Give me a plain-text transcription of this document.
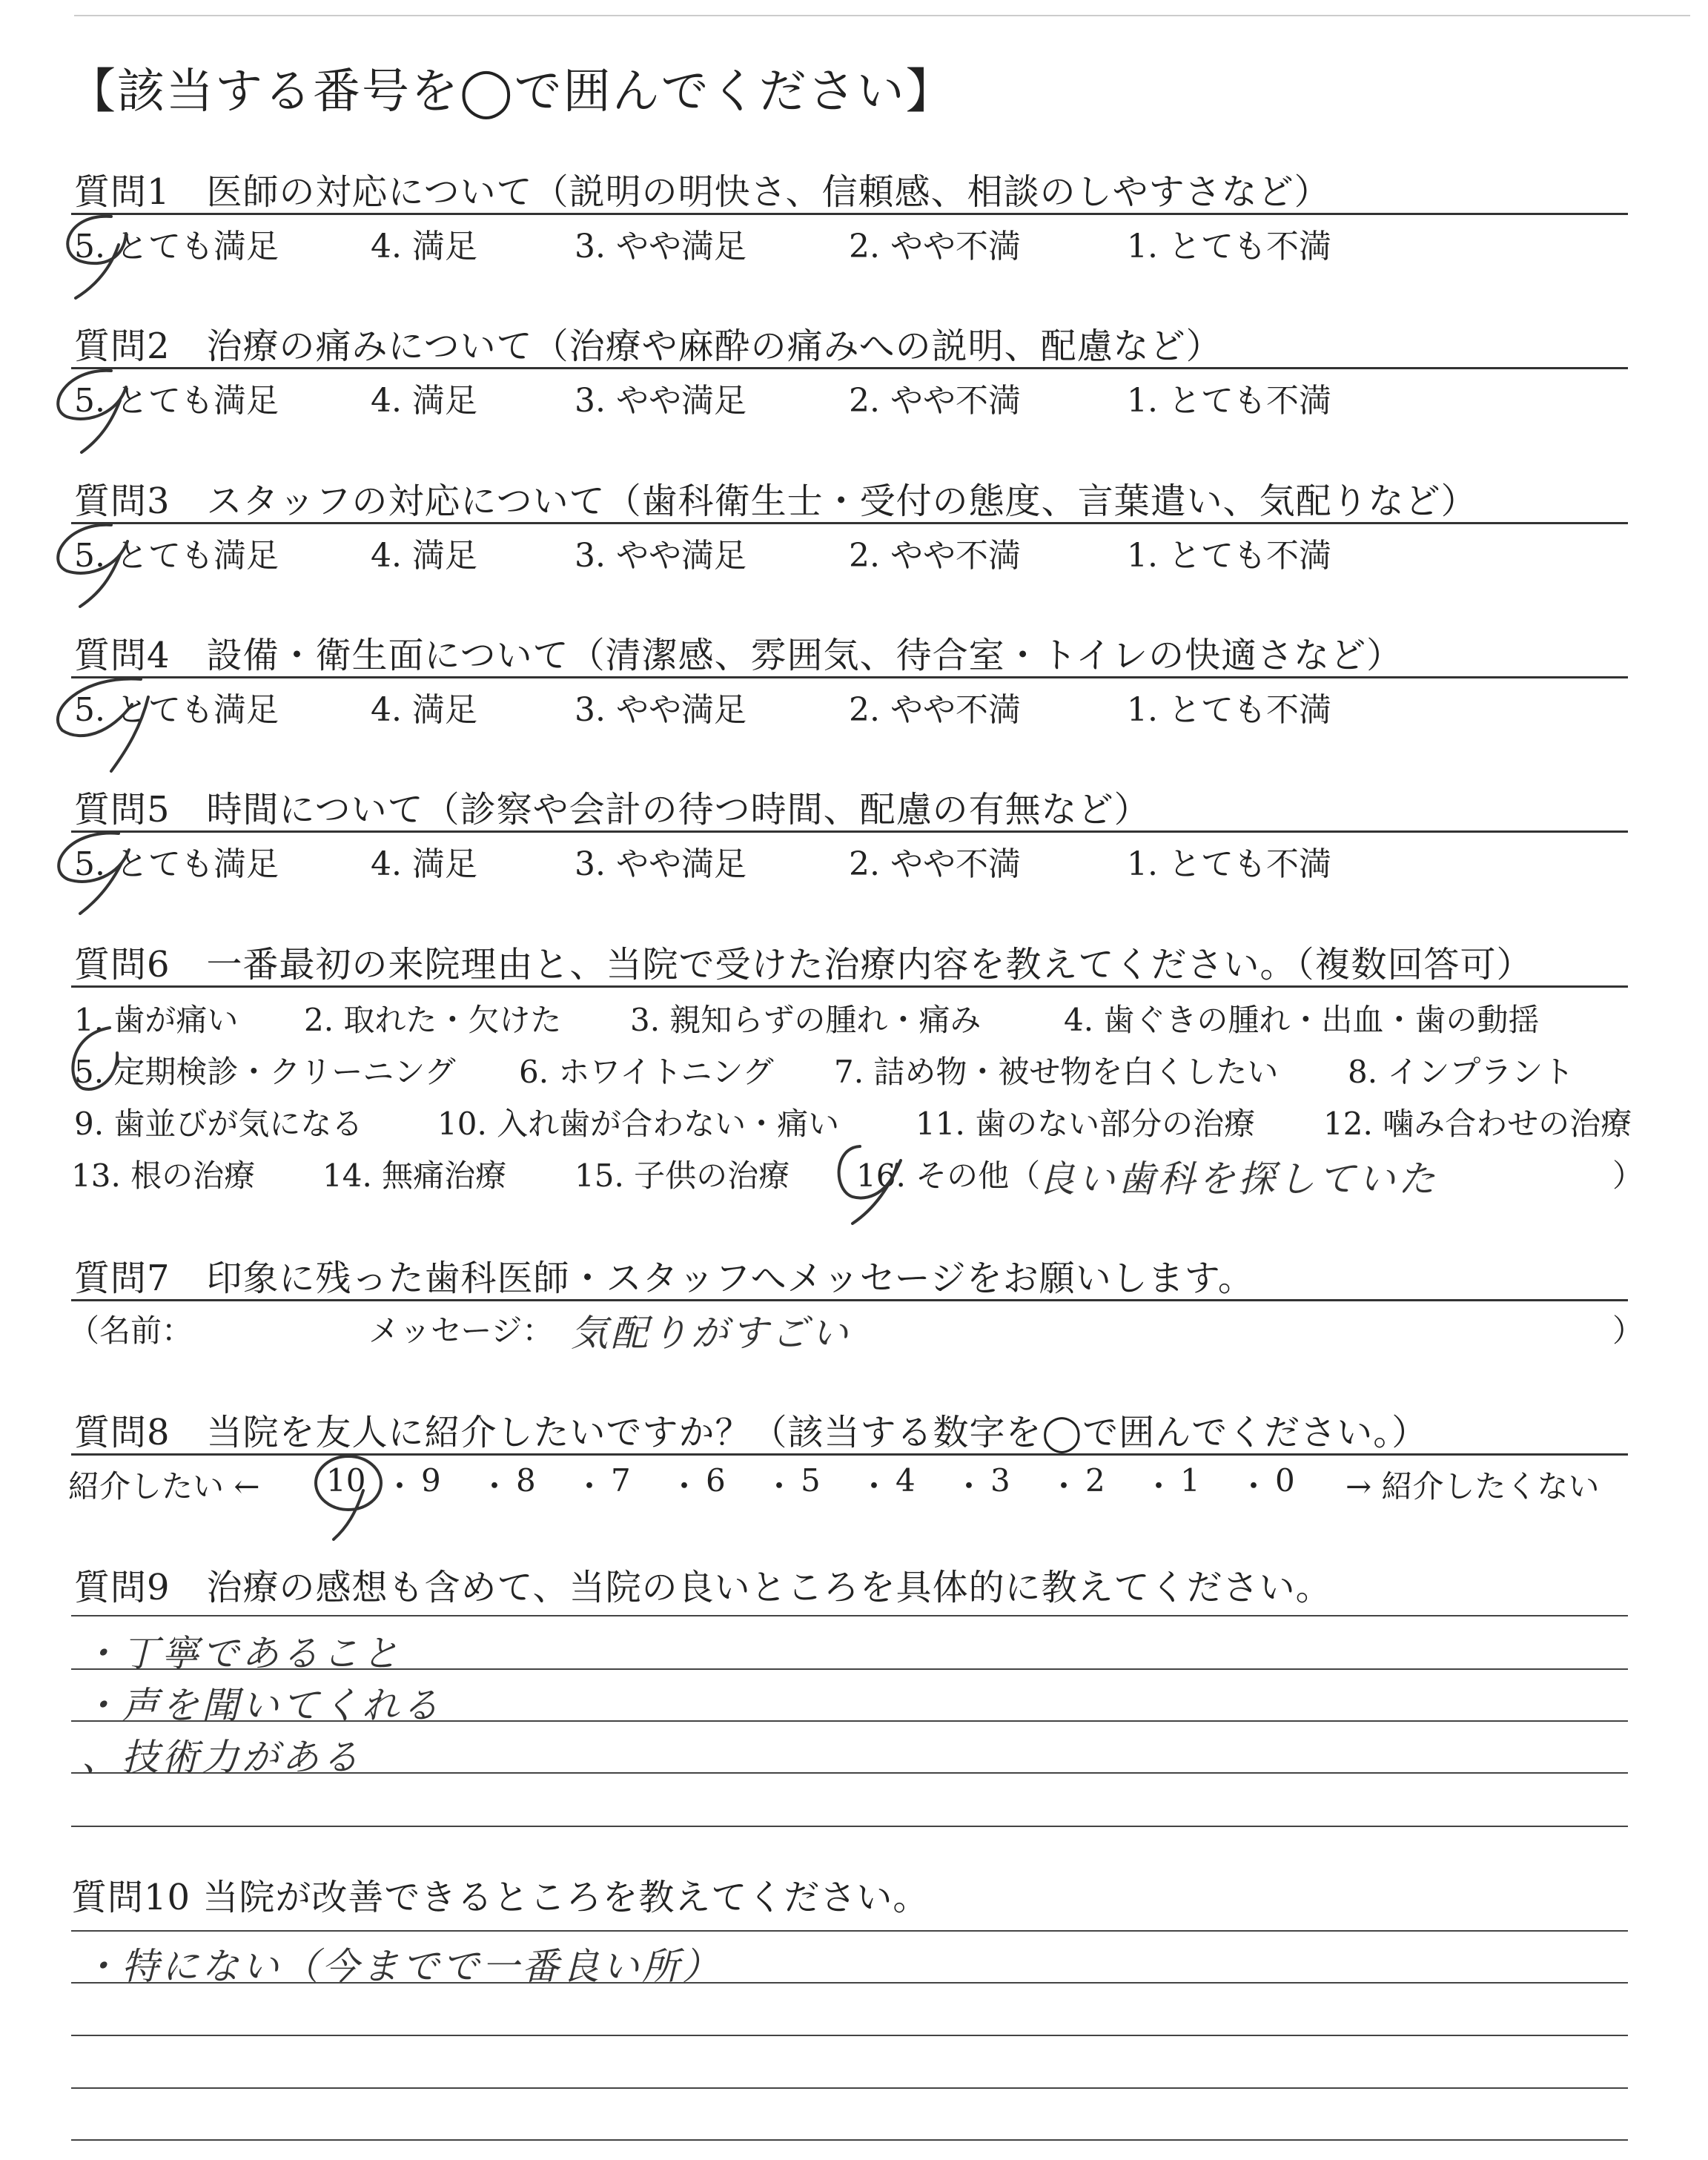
【該当する番号を◯で囲んでください】
質問1　医師の対応について（説明の明快さ、信頼感、相談のしやすさなど）
5. とても満足	4. 満足	3. やや満足	2. やや不満	1. とても不満
質問2　治療の痛みについて（治療や麻酔の痛みへの説明、配慮など）
5. とても満足	4. 満足	3. やや満足	2. やや不満	1. とても不満
質問3　スタッフの対応について（歯科衛生士・受付の態度、言葉遣い、気配りなど）
5. とても満足	4. 満足	3. やや満足	2. やや不満	1. とても不満
質問4　設備・衛生面について（清潔感、雰囲気、待合室・トイレの快適さなど）
5. とても満足	4. 満足	3. やや満足	2. やや不満	1. とても不満
質問5　時間について（診察や会計の待つ時間、配慮の有無など）
5. とても満足	4. 満足	3. やや満足	2. やや不満	1. とても不満
質問6　一番最初の来院理由と、当院で受けた治療内容を教えてください。（複数回答可）
1. 歯が痛い 2. 取れた・欠けた 3. 親知らずの腫れ・痛み	4. 歯ぐきの腫れ・出血・歯の動揺
5. 定期検診・クリーニング 6. ホワイトニング 7. 詰め物・被せ物を白くしたい 8. インプラント
9. 歯並びが気になる 10. 入れ歯が合わない・痛い 11. 歯のない部分の治療 12. 噛み合わせの治療
13. 根の治療 14. 無痛治療 15. 子供の治療 16. その他（
良い歯科を探していた	）
質問7　印象に残った歯科医師・スタッフへメッセージをお願いします。
（名前：	メッセージ： 気配りがすごい	）
質問8　当院を友人に紹介したいですか？（該当する数字を◯で囲んでください。）
紹介したい ← 10 ・ 9 ・ 8 ・ 7 ・ 6 ・ 5 ・ 4 ・ 3 ・ 2 ・ 1 ・ 0 → 紹介したくない
質問9　治療の感想も含めて、当院の良いところを具体的に教えてください。
・丁寧であること
・声を聞いてくれる
、技術力がある
質問10 当院が改善できるところを教えてください。
・特にない（今までで一番良い所）
